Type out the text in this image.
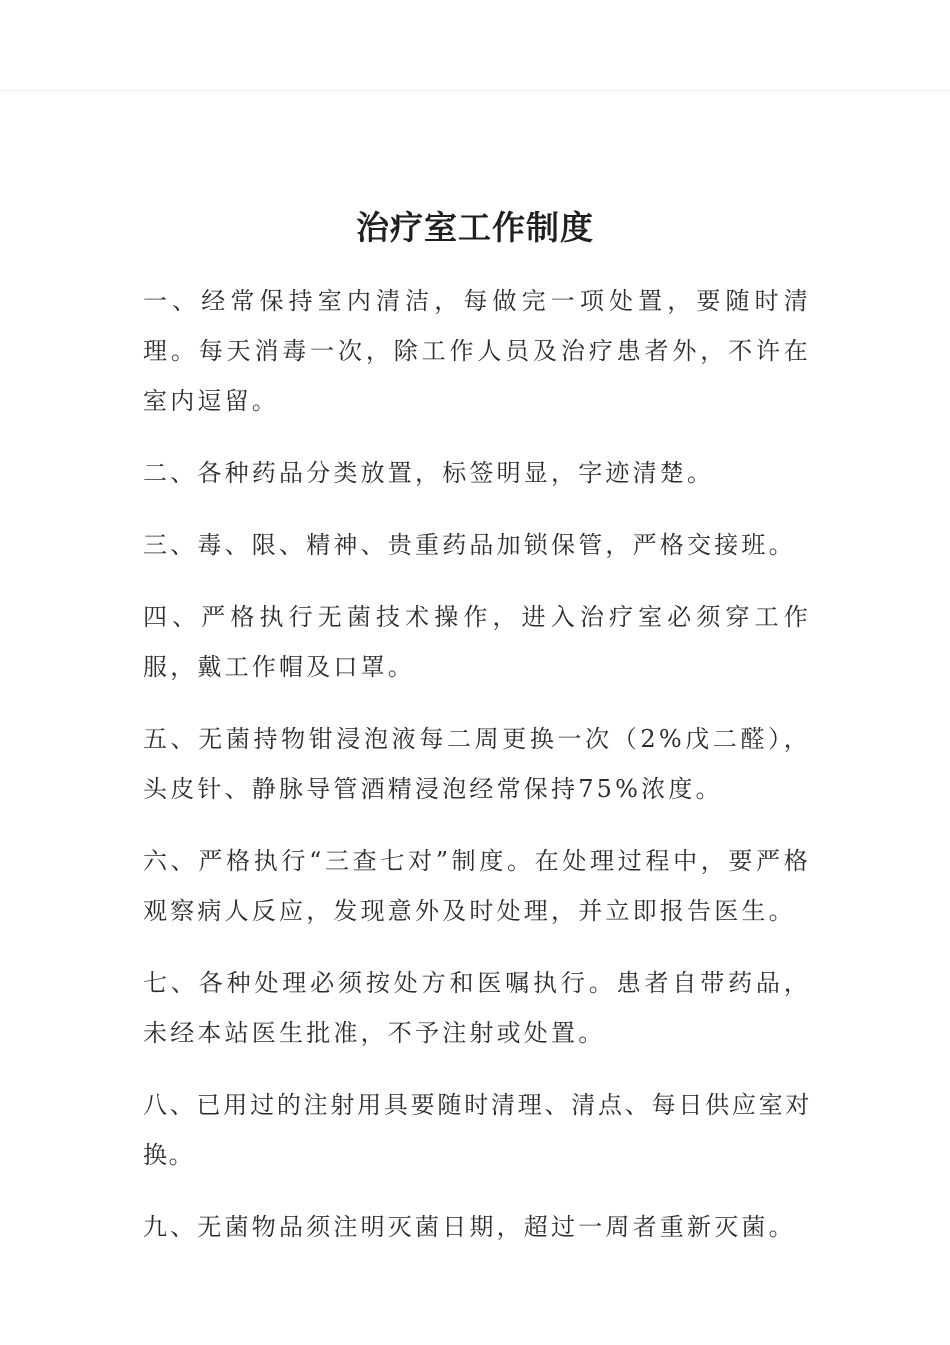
治疗室工作制度
一、经常保持室内清洁，每做完一项处置，要随时清理。每天消毒一次，除工作人员及治疗患者外，不许在室内逗留。
二、各种药品分类放置，标签明显，字迹清楚。
三、毒、限、精神、贵重药品加锁保管，严格交接班。
四、严格执行无菌技术操作，进入治疗室必须穿工作服，戴工作帽及口罩。
五、无菌持物钳浸泡液每二周更换一次（2%戊二醛），头皮针、静脉导管酒精浸泡经常保持75%浓度。
六、严格执行“三查七对”制度。在处理过程中，要严格观察病人反应，发现意外及时处理，并立即报告医生。
七、各种处理必须按处方和医嘱执行。患者自带药品，未经本站医生批准，不予注射或处置。
八、已用过的注射用具要随时清理、清点、每日供应室对换。
九、无菌物品须注明灭菌日期，超过一周者重新灭菌。
